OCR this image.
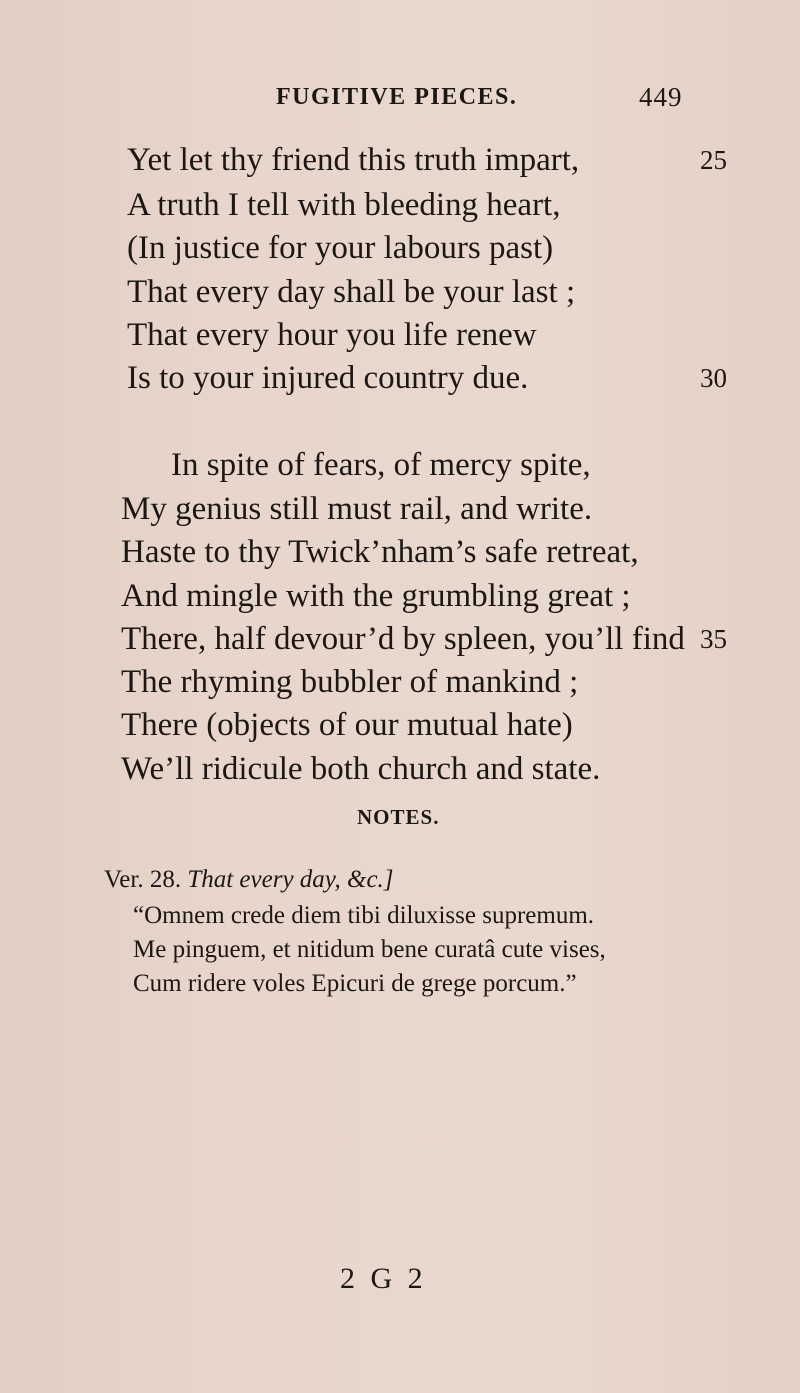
FUGITIVE PIECES.	449
Yet let thy friend this truth impart,
A truth I tell with bleeding heart,
(In justice for your labours past)
That every day shall be your last ;
That every hour you life renew
Is to your injured country due.
In spite of fears, of mercy spite,
My genius still must rail, and write.
Haste to thy Twick’nham’s safe retreat,
And mingle with the grumbling great ;
There, half devour’d by spleen, you’ll find
The rhyming bubbler of mankind ;
There (objects of our mutual hate)
We’ll ridicule both church and state.
25
30
35
NOTES.
Ver. 28. That every day, &c.]
“Omnem crede diem tibi diluxisse supremum.
Me pinguem, et nitidum bene curatâ cute vises,
Cum ridere voles Epicuri de grege porcum.”
2 G 2
